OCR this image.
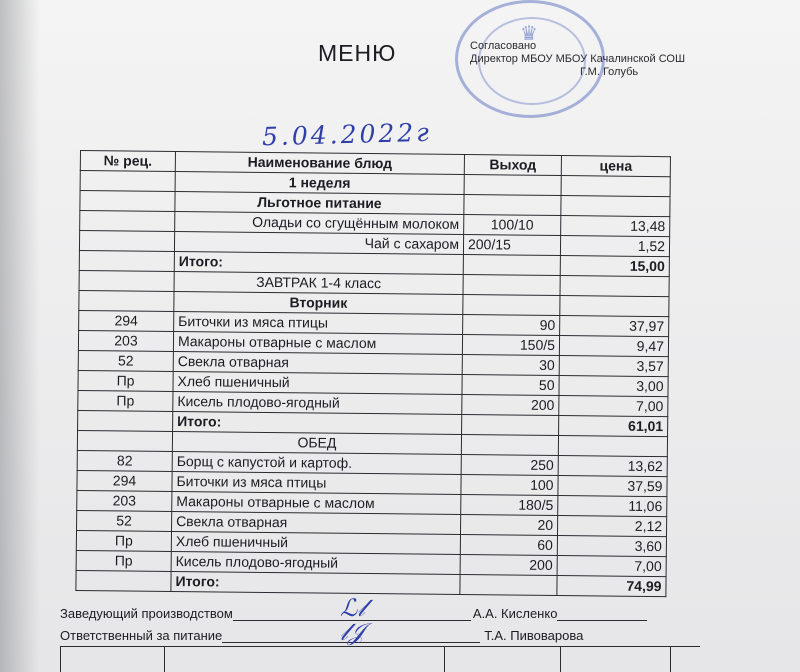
МЕНЮ
♛
Согласовано
Директор МБОУ МБОУ Качалинской СОШ
Г.М. Голубь
5.04.2022г
№ рец.	Наименование блюд	Выход	цена
	1 неделя		
	Льготное питание		
	Оладьи со сгущённым молоком	100/10	13,48
	Чай с сахаром	200/15	1,52
	Итого:		15,00
	ЗАВТРАК 1-4 класс		
	Вторник		
294	Биточки из мяса птицы	90	37,97
203	Макароны отварные с маслом	150/5	9,47
52	Свекла отварная	30	3,57
Пр	Хлеб пшеничный	50	3,00
Пр	Кисель плодово-ягодный	200	7,00
	Итого:		61,01
	ОБЕД		
82	Борщ с капустой и картоф.	250	13,62
294	Биточки из мяса птицы	100	37,59
203	Макароны отварные с маслом	180/5	11,06
52	Свекла отварная	20	2,12
Пр	Хлеб пшеничный	60	3,60
Пр	Кисель плодово-ягодный	200	7,00
	Итого:		74,99
Заведующий производством	А.А. Кисленко
ℒ𝓁
Ответственный за питание	Т.А. Пивоварова
𝓁𝒥
